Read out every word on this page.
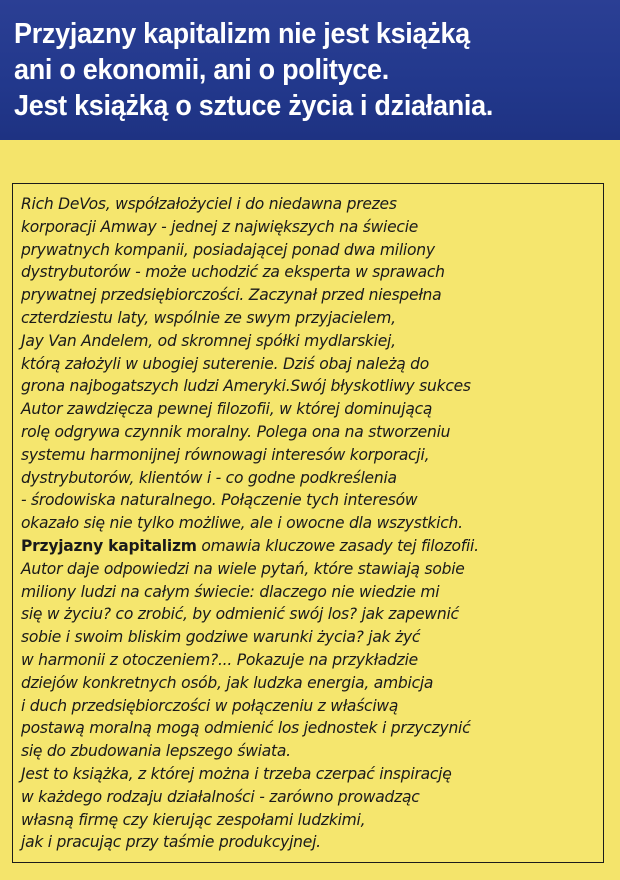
Przyjazny kapitalizm nie jest książką
ani o ekonomii, ani o polityce.
Jest książką o sztuce życia i działania.
Rich DeVos, współzałożyciel i do niedawna prezes
korporacji Amway - jednej z największych na świecie
prywatnych kompanii, posiadającej ponad dwa miliony
dystrybutorów - może uchodzić za eksperta w sprawach
prywatnej przedsiębiorczości. Zaczynał przed niespełna
czterdziestu laty, wspólnie ze swym przyjacielem,
Jay Van Andelem, od skromnej spółki mydlarskiej,
którą założyli w ubogiej suterenie. Dziś obaj należą do
grona najbogatszych ludzi Ameryki.Swój błyskotliwy sukces
Autor zawdzięcza pewnej filozofii, w której dominującą
rolę odgrywa czynnik moralny. Polega ona na stworzeniu
systemu harmonijnej równowagi interesów korporacji,
dystrybutorów, klientów i - co godne podkreślenia
- środowiska naturalnego. Połączenie tych interesów
okazało się nie tylko możliwe, ale i owocne dla wszystkich.
Przyjazny kapitalizm omawia kluczowe zasady tej filozofii.
Autor daje odpowiedzi na wiele pytań, które stawiają sobie
miliony ludzi na całym świecie: dlaczego nie wiedzie mi
się w życiu? co zrobić, by odmienić swój los? jak zapewnić
sobie i swoim bliskim godziwe warunki życia? jak żyć
w harmonii z otoczeniem?... Pokazuje na przykładzie
dziejów konkretnych osób, jak ludzka energia, ambicja
i duch przedsiębiorczości w połączeniu z właściwą
postawą moralną mogą odmienić los jednostek i przyczynić
się do zbudowania lepszego świata.
Jest to książka, z której można i trzeba czerpać inspirację
w każdego rodzaju działalności - zarówno prowadząc
własną firmę czy kierując zespołami ludzkimi,
jak i pracując przy taśmie produkcyjnej.
